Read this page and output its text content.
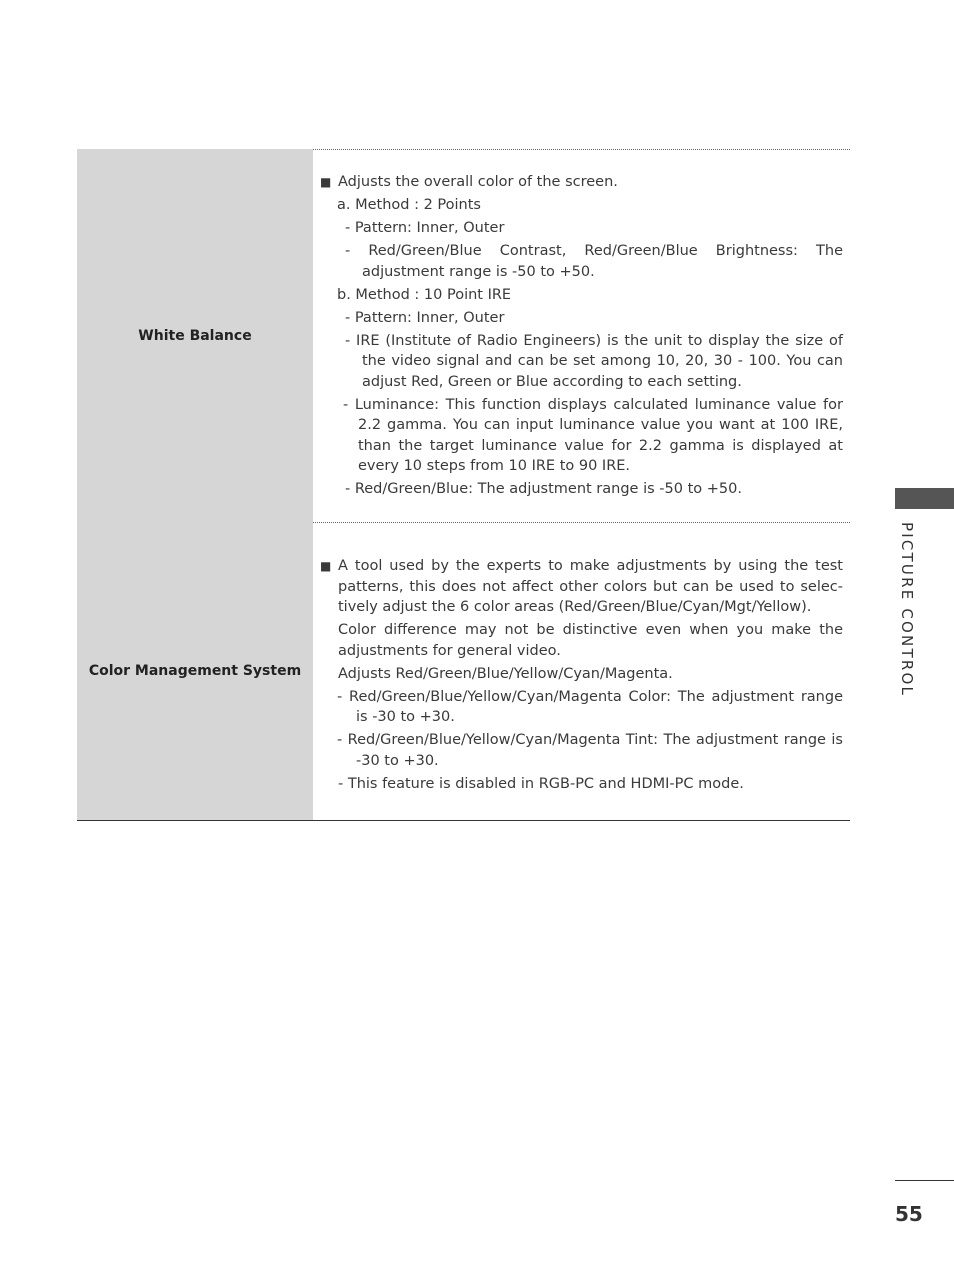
White Balance
■ Adjusts the overall color of the screen.
a. Method : 2 Points
- Pattern: Inner, Outer
- Red/Green/Blue Contrast, Red/Green/Blue Brightness: The adjustment range is -50 to +50.
b. Method : 10 Point IRE
- Pattern: Inner, Outer
- IRE (Institute of Radio Engineers) is the unit to display the size of the video signal and can be set among 10, 20, 30 - 100. You can adjust Red, Green or Blue according to each setting.
- Luminance: This function displays calculated luminance value for 2.2 gamma. You can input luminance value you want at 100 IRE, than the target luminance value for 2.2 gamma is displayed at every 10 steps from 10 IRE to 90 IRE.
- Red/Green/Blue: The adjustment range is -50 to +50.
Color Management System
■ A tool used by the experts to make adjustments by using the test patterns, this does not affect other colors but can be used to selec- tively adjust the 6 color areas (Red/Green/Blue/Cyan/Mgt/Yellow).
Color difference may not be distinctive even when you make the adjustments for general video.
Adjusts Red/Green/Blue/Yellow/Cyan/Magenta.
- Red/Green/Blue/Yellow/Cyan/Magenta Color: The adjustment range is -30 to +30.
- Red/Green/Blue/Yellow/Cyan/Magenta Tint: The adjustment range is -30 to +30.
- This feature is disabled in RGB-PC and HDMI-PC mode.
PICTURE CONTROL
55
